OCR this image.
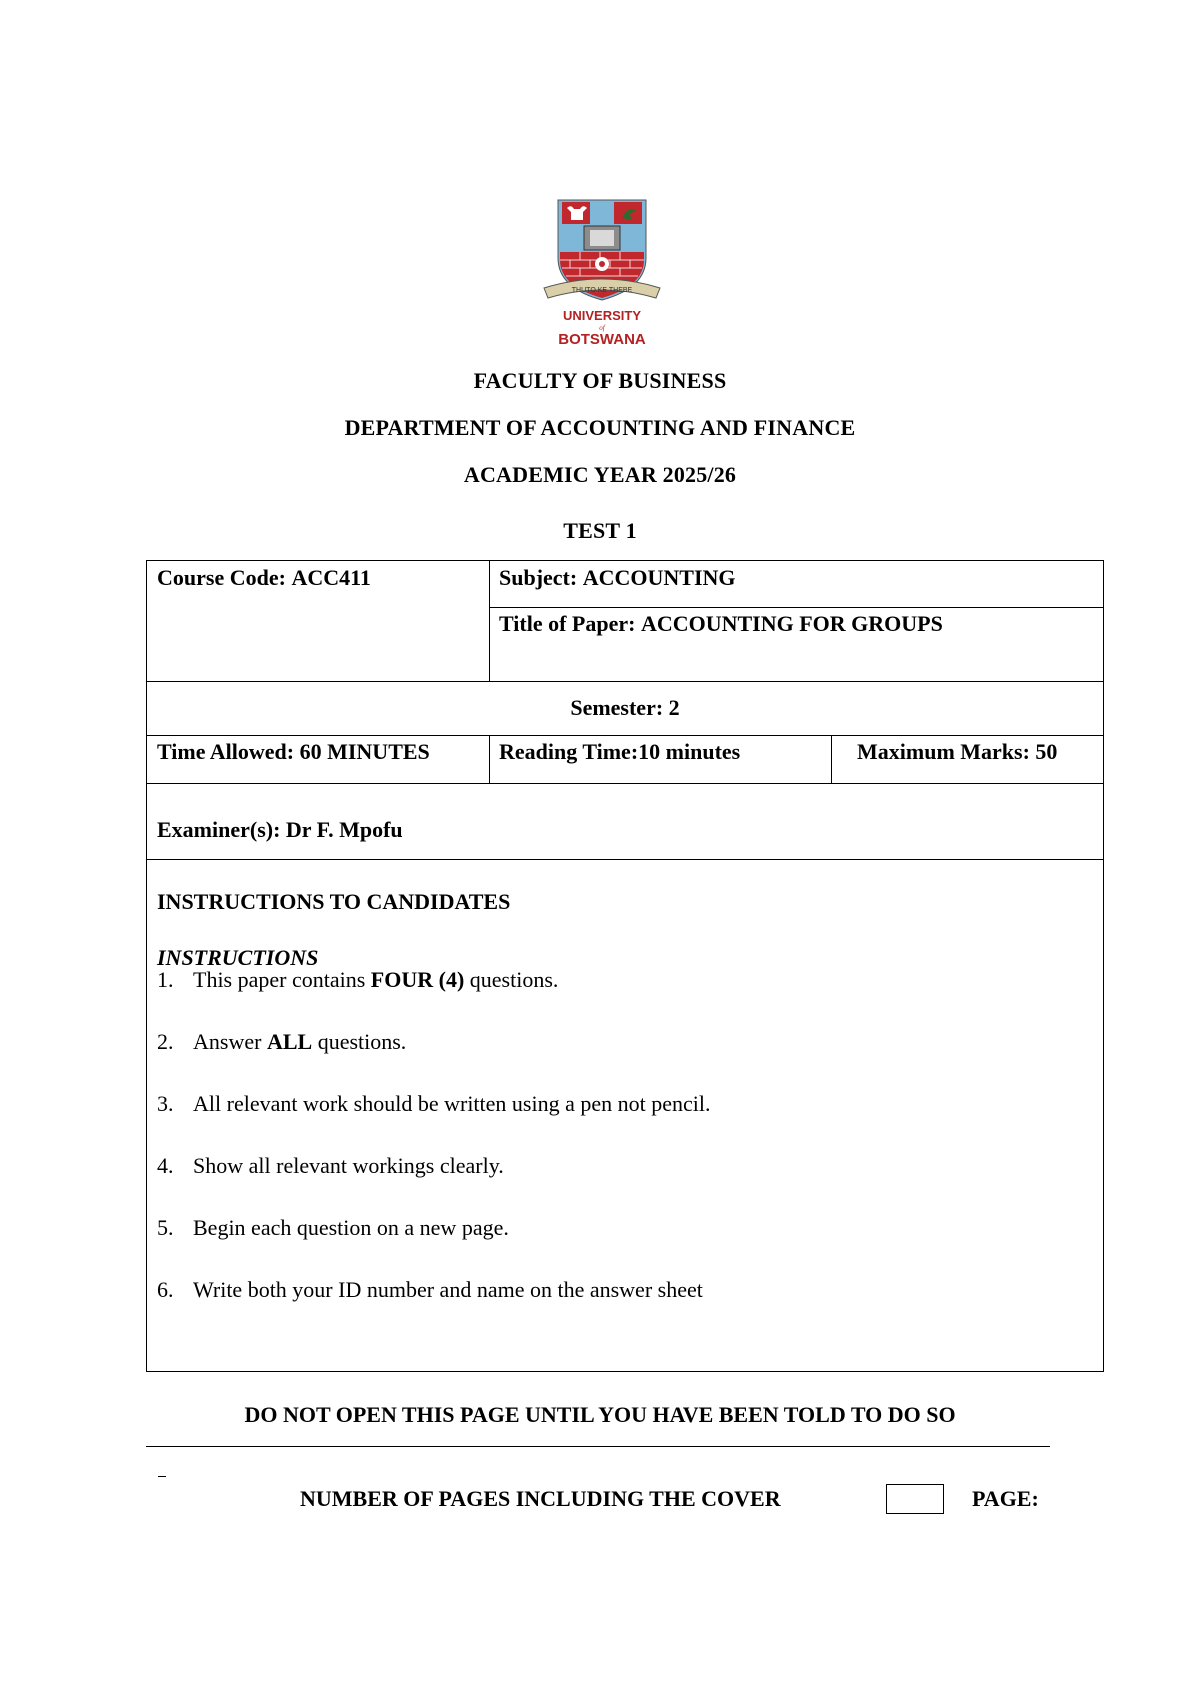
THUTO KE THEBE
UNIVERSITY
of
BOTSWANA
FACULTY OF BUSINESS
DEPARTMENT OF ACCOUNTING AND FINANCE
ACADEMIC YEAR 2025/26
TEST 1
Course Code: ACC411	Subject: ACCOUNTING
Title of Paper: ACCOUNTING FOR GROUPS
Semester: 2
Time Allowed: 60 MINUTES	Reading Time:10 minutes	Maximum Marks: 50
Examiner(s): Dr F. Mpofu
INSTRUCTIONS TO CANDIDATES
INSTRUCTIONS
1. This paper contains FOUR (4) questions.
2. Answer ALL questions.
3. All relevant work should be written using a pen not pencil.
4. Show all relevant workings clearly.
5. Begin each question on a new page.
6. Write both your ID number and name on the answer sheet
DO NOT OPEN THIS PAGE UNTIL YOU HAVE BEEN TOLD TO DO SO
NUMBER OF PAGES INCLUDING THE COVER	PAGE:
